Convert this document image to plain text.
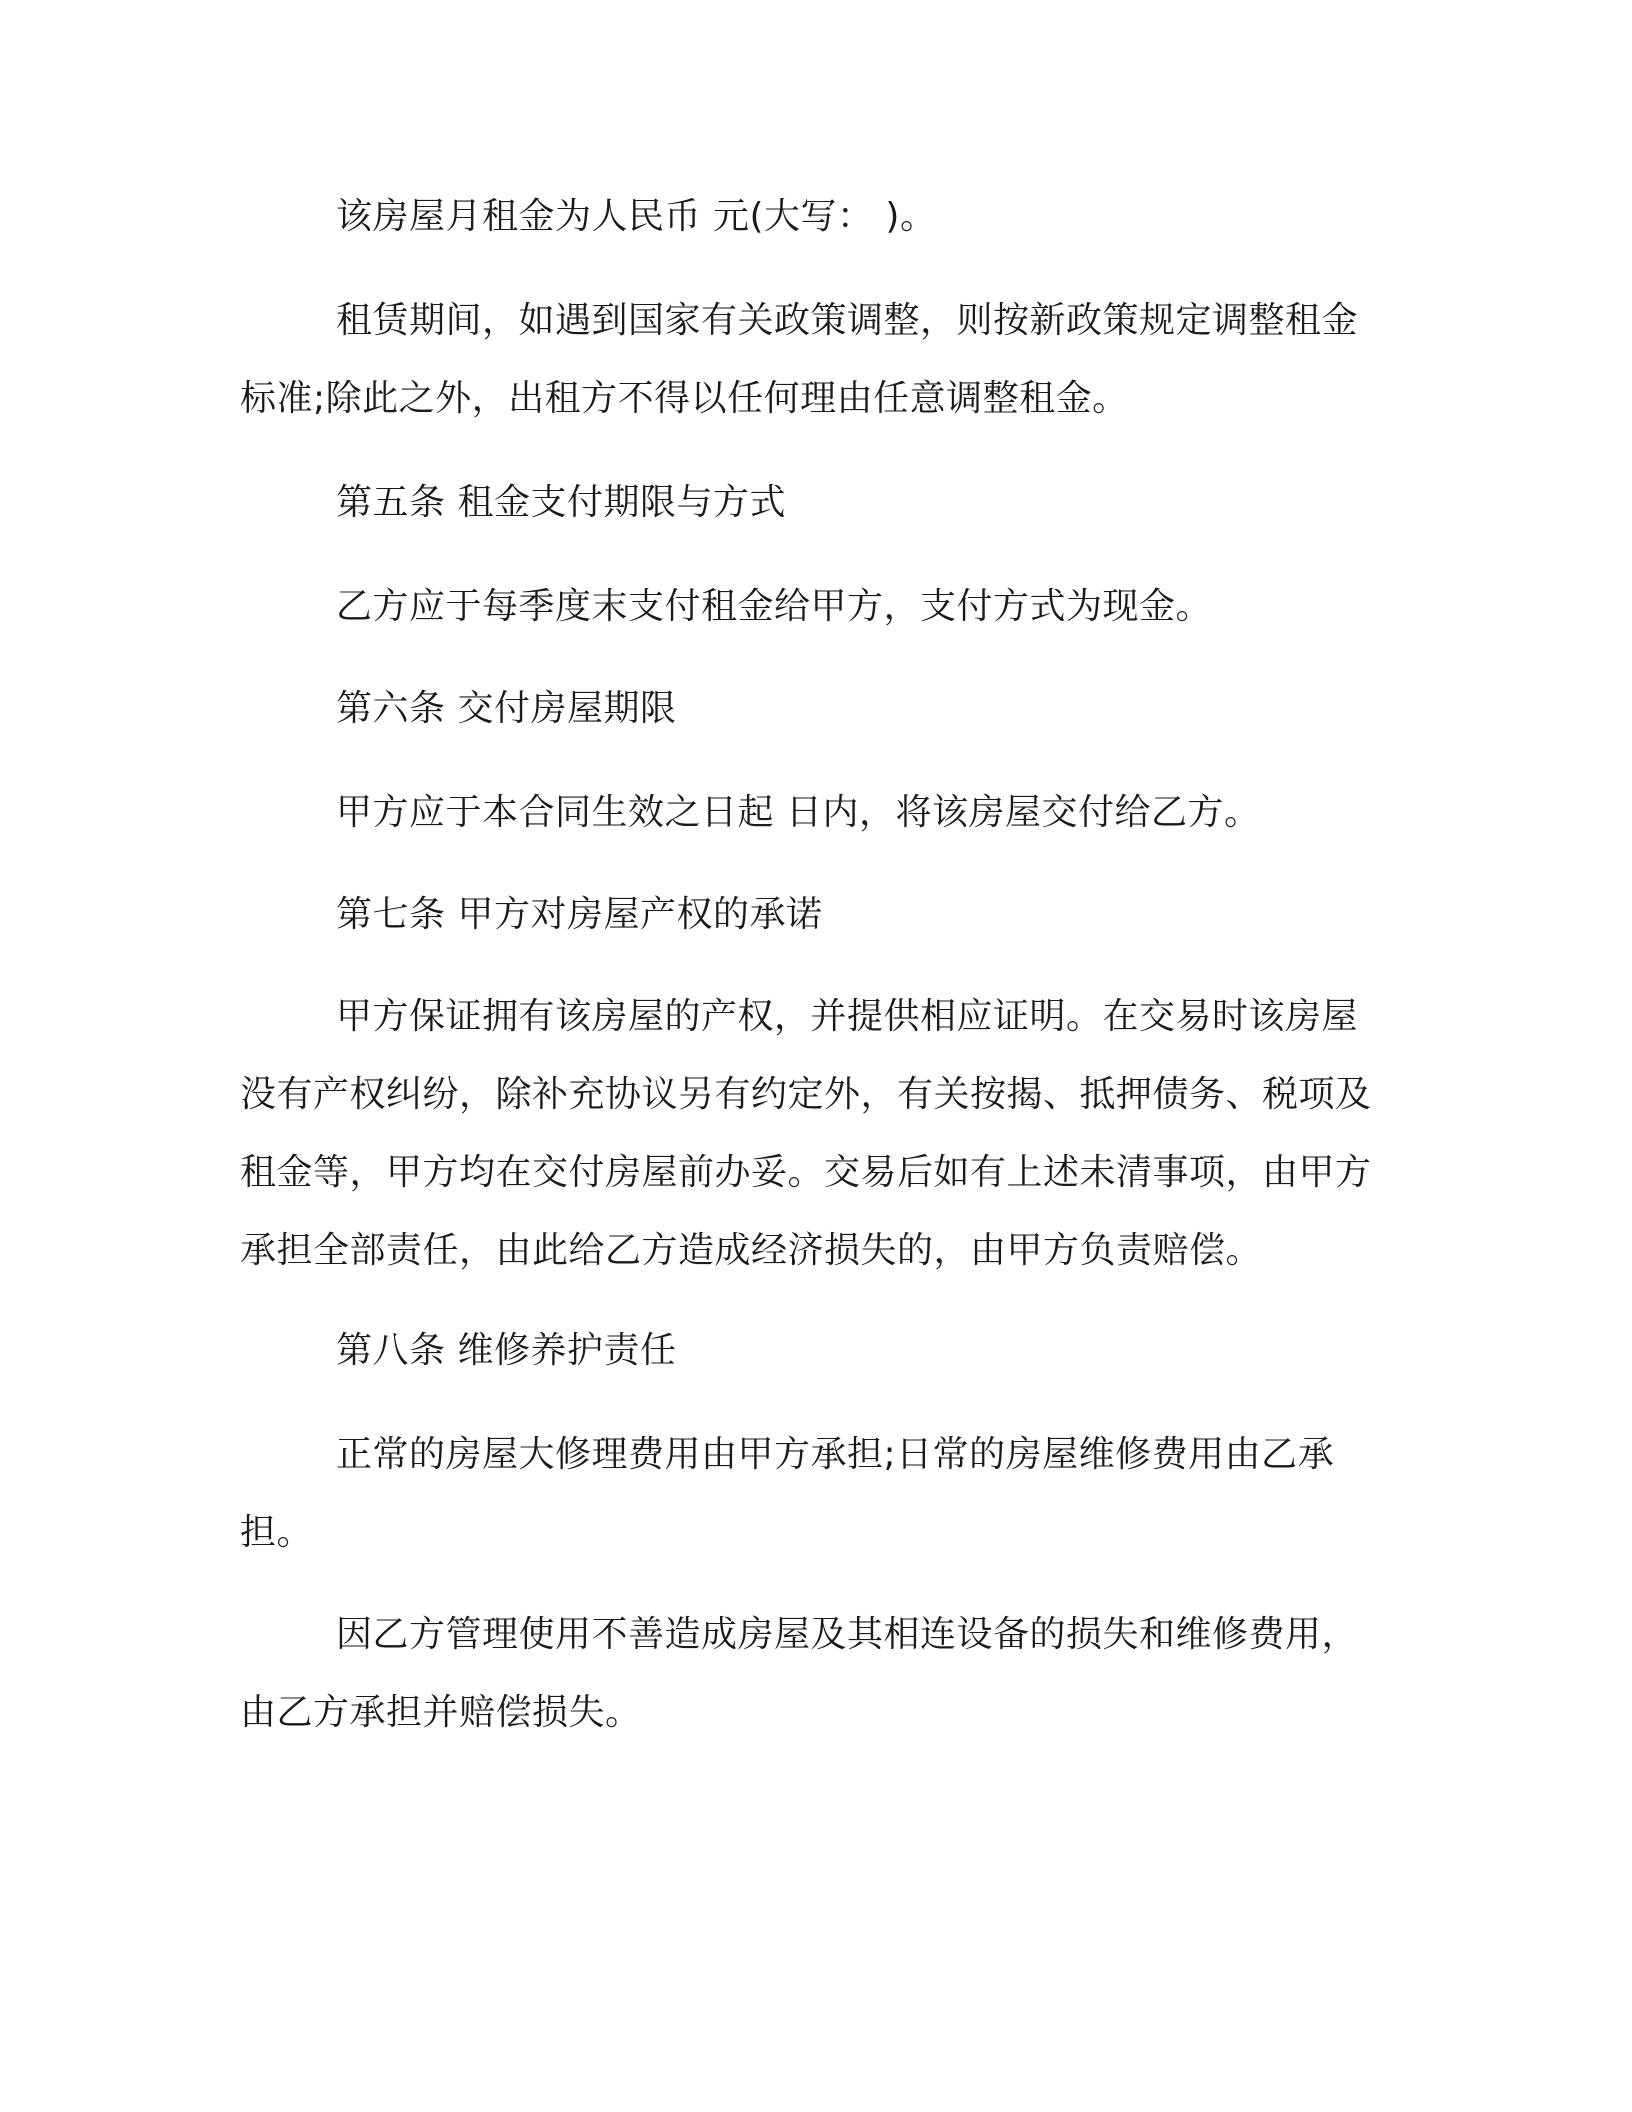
该房屋月租金为人民币 元(大写： )。

租赁期间，如遇到国家有关政策调整，则按新政策规定调整租金标准;除此之外，出租方不得以任何理由任意调整租金。

第五条 租金支付期限与方式

乙方应于每季度末支付租金给甲方，支付方式为现金。

第六条 交付房屋期限

甲方应于本合同生效之日起 日内，将该房屋交付给乙方。

第七条 甲方对房屋产权的承诺

甲方保证拥有该房屋的产权，并提供相应证明。在交易时该房屋没有产权纠纷，除补充协议另有约定外，有关按揭、抵押债务、税项及租金等，甲方均在交付房屋前办妥。交易后如有上述未清事项，由甲方承担全部责任，由此给乙方造成经济损失的，由甲方负责赔偿。

第八条 维修养护责任

正常的房屋大修理费用由甲方承担;日常的房屋维修费用由乙承担。

因乙方管理使用不善造成房屋及其相连设备的损失和维修费用，由乙方承担并赔偿损失。
